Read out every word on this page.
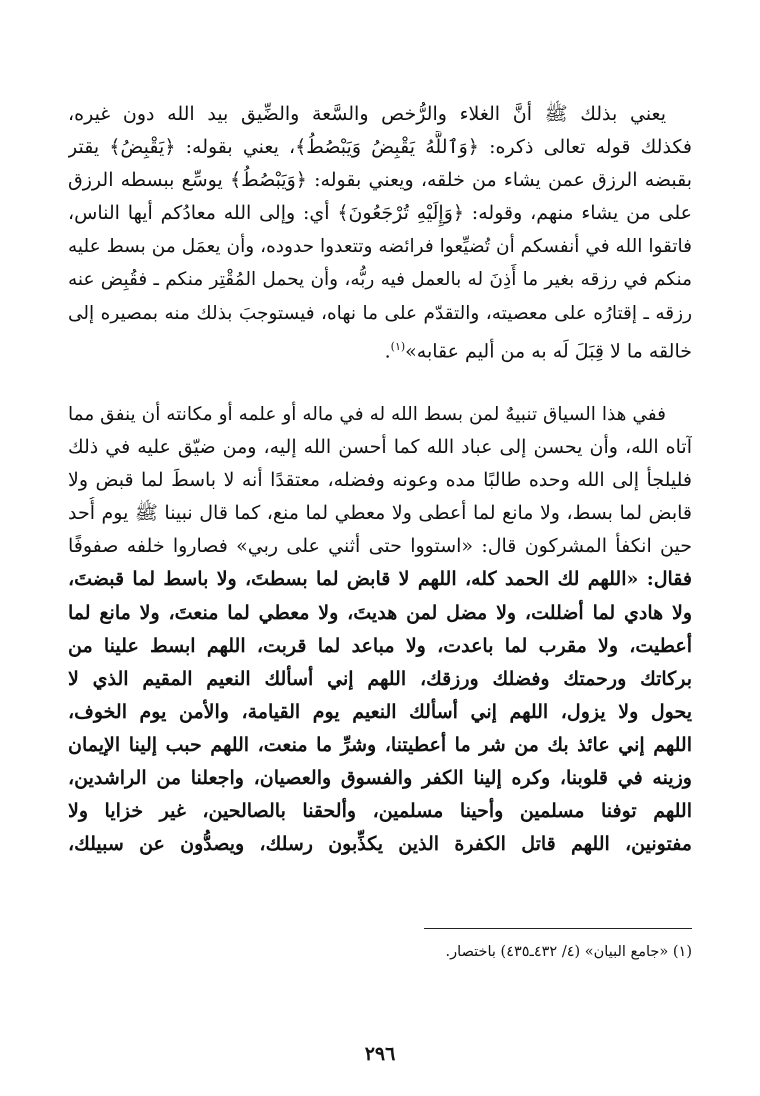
يعني بذلك ﷺ أنَّ الغلاء والرُّخص والسَّعة والضِّيق بيد الله دون غيره،
فكذلك قوله تعالى ذكره: ﴿وَٱللَّهُ يَقْبِضُ وَيَبْصُطُ﴾، يعني بقوله: ﴿يَقْبِضُ﴾ يقتر
بقبضه الرزق عمن يشاء من خلقه، ويعني بقوله: ﴿وَيَبْصُطُ﴾ يوسِّع ببسطه الرزق
على من يشاء منهم، وقوله: ﴿وَإِلَيْهِ تُرْجَعُونَ﴾ أي: وإلى الله معادُكم أيها الناس،
فاتقوا الله في أنفسكم أن تُضيِّعوا فرائضه وتتعدوا حدوده، وأن يعمَل من بسط عليه
منكم في رزقه بغير ما أَذِنَ له بالعمل فيه ربُّه، وأن يحمل المُقْتِر منكم ـ فقُبِض عنه
رزقه ـ إقتارُه على معصيته، والتقدّم على ما نهاه، فيستوجبَ بذلك منه بمصيره إلى
خالقه ما لا قِبَلَ لَه به من أليم عقابه»$^{(١)}$.
ففي هذا السياق تنبيهٌ لمن بسط الله له في ماله أو علمه أو مكانته أن ينفق مما
آتاه الله، وأن يحسن إلى عباد الله كما أحسن الله إليه، ومن ضيّق عليه في ذلك
فليلجأ إلى الله وحده طالبًا مده وعونه وفضله، معتقدًا أنه لا باسطَ لما قبض ولا
قابض لما بسط، ولا مانع لما أعطى ولا معطي لما منع، كما قال نبينا ﷺ يوم أُحد
حين انكفأ المشركون قال: «استووا حتى أثني على ربي» فصاروا خلفه صفوفًا
فقال: «اللهم لك الحمد كله، اللهم لا قابض لما بسطتَ، ولا باسط لما قبضتَ،
ولا هادي لما أضللت، ولا مضل لمن هديتَ، ولا معطي لما منعتَ، ولا مانع لما
أعطيت، ولا مقرب لما باعدت، ولا مباعد لما قربت، اللهم ابسط علينا من
بركاتك ورحمتك وفضلك ورزقك، اللهم إني أسألك النعيم المقيم الذي لا
يحول ولا يزول، اللهم إني أسألك النعيم يوم القيامة، والأمن يوم الخوف،
اللهم إني عائذ بك من شر ما أعطيتنا، وشرِّ ما منعت، اللهم حبب إلينا الإيمان
وزينه في قلوبنا، وكره إلينا الكفر والفسوق والعصيان، واجعلنا من الراشدين،
اللهم توفنا مسلمين وأحينا مسلمين، وألحقنا بالصالحين، غير خزايا ولا
مفتونين، اللهم قاتل الكفرة الذين يكذِّبون رسلك، ويصدُّون عن سبيلك،
(١) «جامع البيان» (٤/ ٤٣٢ـ٤٣٥) باختصار.
٢٩٦
